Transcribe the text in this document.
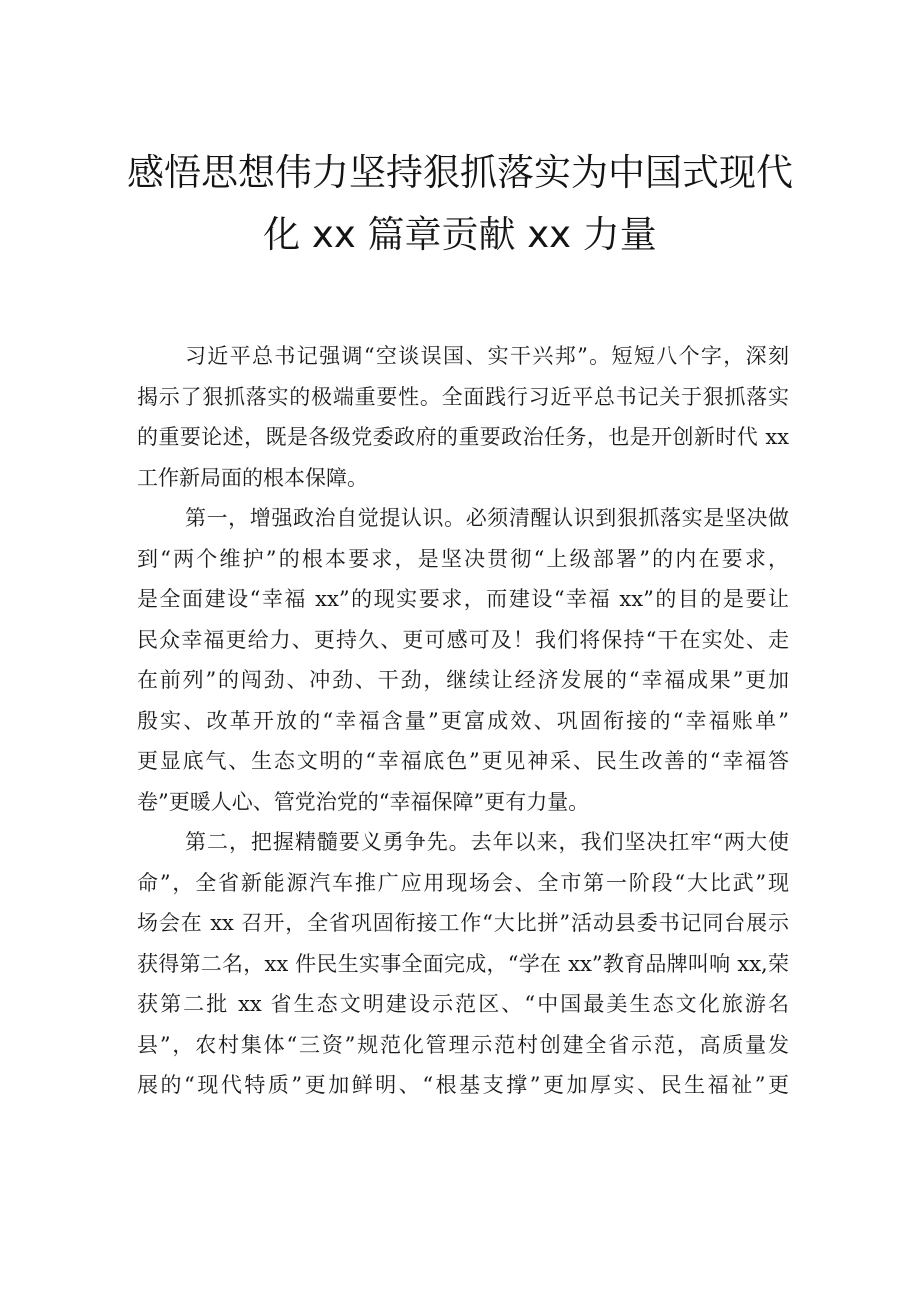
感悟思想伟力坚持狠抓落实为中国式现代
化 xx 篇章贡献 xx 力量

习近平总书记强调“空谈误国、实干兴邦”。短短八个字，深刻
揭示了狠抓落实的极端重要性。全面践行习近平总书记关于狠抓落实
的重要论述，既是各级党委政府的重要政治任务，也是开创新时代 xx
工作新局面的根本保障。

第一，增强政治自觉提认识。必须清醒认识到狠抓落实是坚决做
到“两个维护”的根本要求，是坚决贯彻“上级部署”的内在要求，
是全面建设“幸福 xx”的现实要求，而建设“幸福 xx”的目的是要让
民众幸福更给力、更持久、更可感可及！我们将保持“干在实处、走
在前列”的闯劲、冲劲、干劲，继续让经济发展的“幸福成果”更加
殷实、改革开放的“幸福含量”更富成效、巩固衔接的“幸福账单”
更显底气、生态文明的“幸福底色”更见神采、民生改善的“幸福答
卷”更暖人心、管党治党的“幸福保障”更有力量。

第二，把握精髓要义勇争先。去年以来，我们坚决扛牢“两大使
命”，全省新能源汽车推广应用现场会、全市第一阶段“大比武”现
场会在 xx 召开，全省巩固衔接工作“大比拼”活动县委书记同台展示
获得第二名，xx 件民生实事全面完成，“学在 xx”教育品牌叫响 xx,荣
获第二批 xx 省生态文明建设示范区、“中国最美生态文化旅游名
县”，农村集体“三资”规范化管理示范村创建全省示范，高质量发
展的“现代特质”更加鲜明、“根基支撑”更加厚实、民生福祉”更
